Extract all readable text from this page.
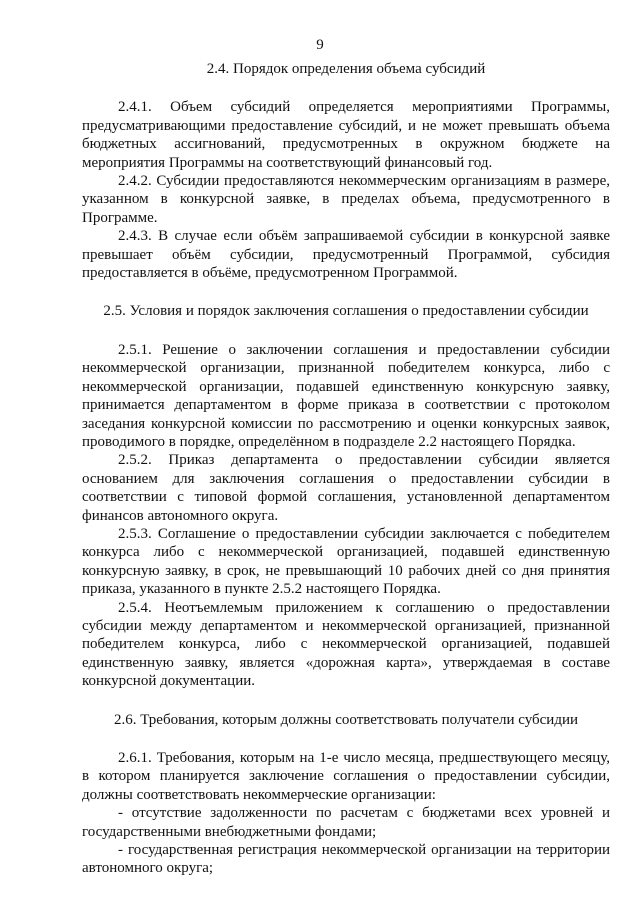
9
2.4. Порядок определения объема субсидий

2.4.1. Объем субсидий определяется мероприятиями Программы, предусматривающими предоставление субсидий, и не может превышать объема бюджетных ассигнований, предусмотренных в окружном бюджете на мероприятия Программы на соответствующий финансовый год.

2.4.2. Субсидии предоставляются некоммерческим организациям в размере, указанном в конкурсной заявке, в пределах объема, предусмотренного в Программе.

2.4.3. В случае если объём запрашиваемой субсидии в конкурсной заявке превышает объём субсидии, предусмотренный Программой, субсидия предоставляется в объёме, предусмотренном Программой.

2.5. Условия и порядок заключения соглашения о предоставлении субсидии

2.5.1. Решение о заключении соглашения и предоставлении субсидии некоммерческой организации, признанной победителем конкурса, либо с некоммерческой организации, подавшей единственную конкурсную заявку, принимается департаментом в форме приказа в соответствии с протоколом заседания конкурсной комиссии по рассмотрению и оценки конкурсных заявок, проводимого в порядке, определённом в подразделе 2.2 настоящего Порядка.

2.5.2. Приказ департамента о предоставлении субсидии является основанием для заключения соглашения о предоставлении субсидии в соответствии с типовой формой соглашения, установленной департаментом финансов автономного округа.

2.5.3. Соглашение о предоставлении субсидии заключается с победителем конкурса либо с некоммерческой организацией, подавшей единственную конкурсную заявку, в срок, не превышающий 10 рабочих дней со дня принятия приказа, указанного в пункте 2.5.2 настоящего Порядка.

2.5.4. Неотъемлемым приложением к соглашению о предоставлении субсидии между департаментом и некоммерческой организацией, признанной победителем конкурса, либо с некоммерческой организацией, подавшей единственную заявку, является «дорожная карта», утверждаемая в составе конкурсной документации.

2.6. Требования, которым должны соответствовать получатели субсидии

2.6.1. Требования, которым на 1-е число месяца, предшествующего месяцу, в котором планируется заключение соглашения о предоставлении субсидии, должны соответствовать некоммерческие организации:

- отсутствие задолженности по расчетам с бюджетами всех уровней и государственными внебюджетными фондами;

- государственная регистрация некоммерческой организации на территории автономного округа;
